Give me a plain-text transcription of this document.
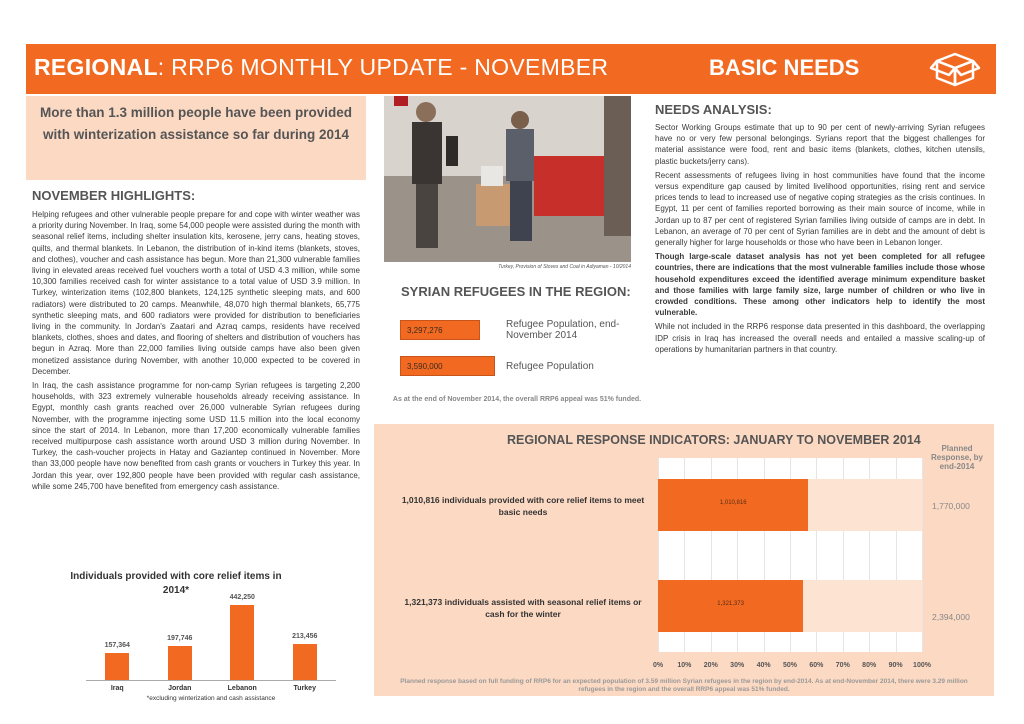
REGIONAL: RRP6 MONTHLY UPDATE - NOVEMBER	BASIC NEEDS

More than 1.3 million people have been provided with winterization assistance so far during 2014

NOVEMBER HIGHLIGHTS:

Helping refugees and other vulnerable people prepare for and cope with winter weather was a priority during November. In Iraq, some 54,000 people were assisted during the month with seasonal relief items, including shelter insulation kits, kerosene, jerry cans, heating stoves, quilts, and thermal blankets. In Lebanon, the distribution of in-kind items (blankets, stoves, and clothes), voucher and cash assistance has begun. More than 21,300 vulnerable families living in elevated areas received fuel vouchers worth a total of USD 4.3 million, while some 10,300 families received cash for winter assistance to a total value of USD 3.9 million. In Turkey, winterization items (102,800 blankets, 124,125 synthetic sleeping mats, and 600 radiators) were distributed to 20 camps. Meanwhile, 48,070 high thermal blankets, 65,775 synthetic sleeping mats, and 600 radiators were provided for distribution to beneficiaries living in the community. In Jordan's Zaatari and Azraq camps, residents have received blankets, clothes, shoes and dates, and flooring of shelters and distribution of vouchers has begun in Azraq. More than 22,000 families living outside camps have also been given monetized assistance during November, with another 10,000 expected to be covered in December.

In Iraq, the cash assistance programme for non-camp Syrian refugees is targeting 2,200 households, with 323 extremely vulnerable households already receiving assistance. In Egypt, monthly cash grants reached over 26,000 vulnerable Syrian refugees during November, with the programme injecting some USD 11.5 million into the local economy since the start of 2014. In Lebanon, more than 17,200 economically vulnerable families received multipurpose cash assistance worth around USD 3 million during November. In Turkey, the cash-voucher projects in Hatay and Gaziantep continued in November. More than 33,000 people have now benefited from cash grants or vouchers in Turkey this year. In Jordan this year, over 192,800 people have been provided with regular cash assistance, while some 245,700 have benefited from emergency cash assistance.

Turkey, Provision of Stoves and Coal in Adiyaman - 10/2014
SYRIAN REFUGEES IN THE REGION:
3,297,276
Refugee Population, end-November 2014
3,590,000	Refugee Population
As at the end of November 2014, the overall RRP6 appeal was 51% funded.
NEEDS ANALYSIS:

Sector Working Groups estimate that up to 90 per cent of newly-arriving Syrian refugees have no or very few personal belongings. Syrians report that the biggest challenges for material assistance were food, rent and basic items (blankets, clothes, kitchen utensils, plastic buckets/jerry cans).

Recent assessments of refugees living in host communities have found that the income versus expenditure gap caused by limited livelihood opportunities, rising rent and service prices tends to lead to increased use of negative coping strategies as the crisis continues. In Egypt, 11 per cent of families reported borrowing as their main source of income, while in Jordan up to 87 per cent of registered Syrian families living outside of camps are in debt. In Lebanon, an average of 70 per cent of Syrian families are in debt and the amount of debt is generally higher for large households or those who have been in Lebanon longer.

Though large-scale dataset analysis has not yet been completed for all refugee countries, there are indications that the most vulnerable families include those whose household expenditures exceed the identified average minimum expenditure basket and those families with large family size, large number of children or who live in crowded conditions. These among other indicators help to identify the most vulnerable.

While not included in the RRP6 response data presented in this dashboard, the overlapping IDP crisis in Iraq has increased the overall needs and entailed a massive scaling-up of operations by humanitarian partners in that country.

REGIONAL RESPONSE INDICATORS: JANUARY TO NOVEMBER 2014
Planned Response, by end-2014
1,010,816
1,321,373
1,010,816 individuals provided with core relief items to meet basic needs
1,770,000
1,321,373 individuals assisted with seasonal relief items or cash for the winter	2,394,000
0%	10%	20%	30%	40%	50%	60%	70%	80%	90%	100%
Planned response based on full funding of RRP6 for an expected population of 3.59 million Syrian refugees in the region by end-2014. As at end-November 2014, there were 3.29 million refugees in the region and the overall RRP6 appeal was 51% funded.
Individuals provided with core relief items in 2014*
*excluding winterization and cash assistance
157,364
Iraq
197,746
Jordan
442,250
Lebanon
213,456
Turkey
